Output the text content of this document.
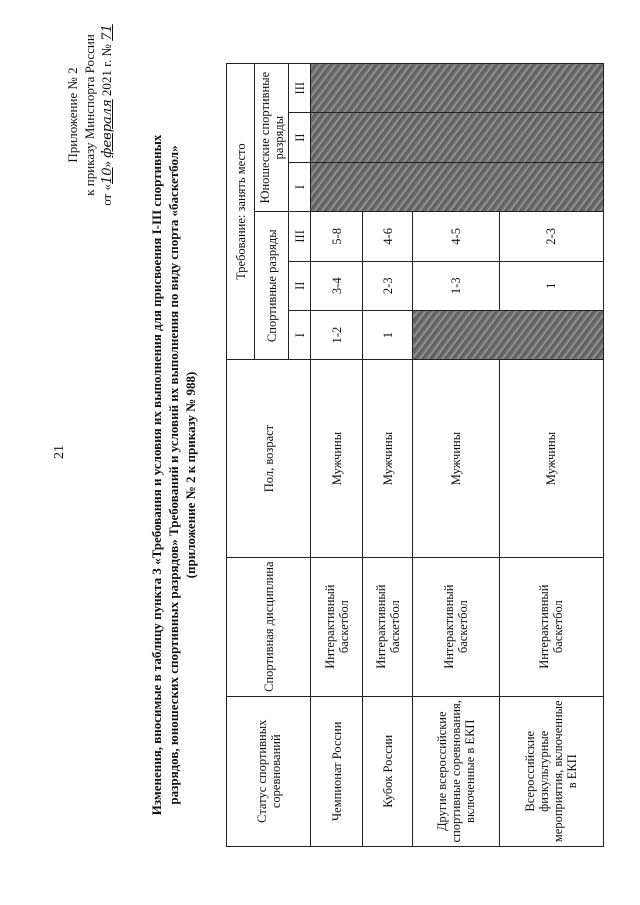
21
Приложение № 2 к приказу Минспорта России от «10» февраля 2021 г. № 71
Изменения, вносимые в таблицу пункта 3 «Требования и условия их выполнения для присвоения I-III спортивных разрядов, юношеских спортивных разрядов» Требований и условий их выполнения по виду спорта «баскетбол» (приложение № 2 к приказу № 988)
Статус спортивных соревнований	Спортивная дисциплина	Пол, возраст	Требование: занять место					
			Спортивные разряды			Юношеские спортивные разряды		
			I	II	III	I	II	III
Чемпионат России	Интерактивный баскетбол	Мужчины	1-2	3-4	5-8			
Кубок России	Интерактивный баскетбол	Мужчины	1	2-3	4-6			
Другие всероссийские спортивные соревнования, включенные в ЕКП	Интерактивный баскетбол	Мужчины		1-3	4-5			
Всероссийские физкультурные мероприятия, включенные в ЕКП	Интерактивный баскетбол	Мужчины		1	2-3			
